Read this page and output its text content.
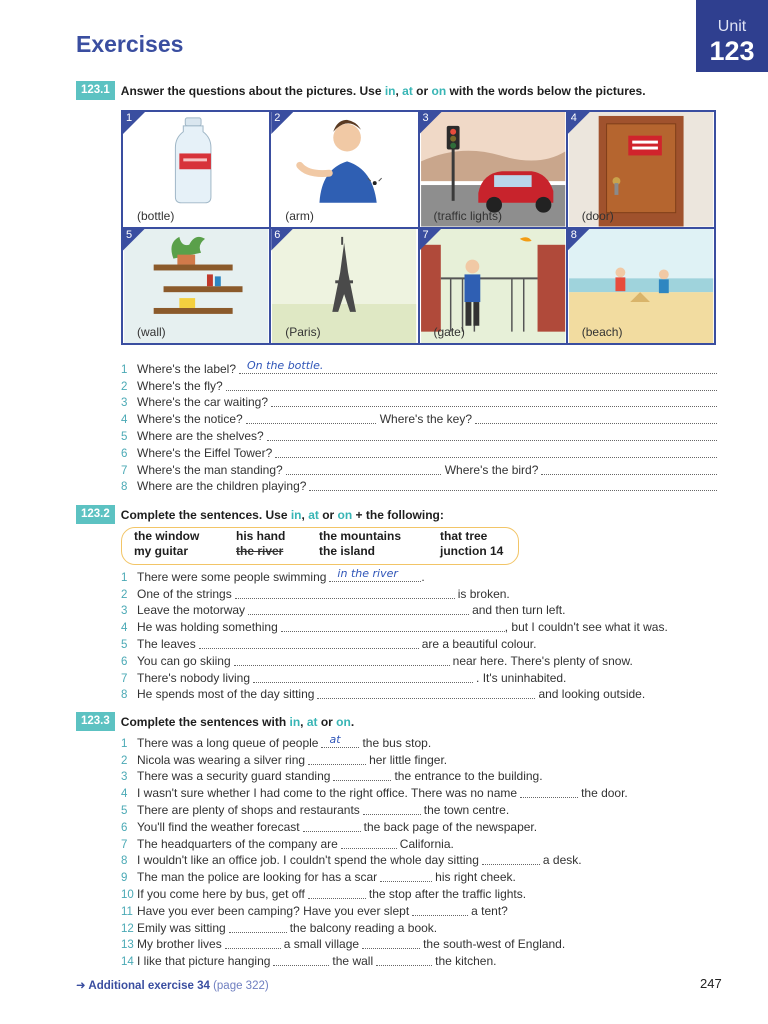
Unit
123
Exercises
123.1 Answer the questions about the pictures. Use in, at or on with the words below the pictures.
1
(bottle)
2
(arm)
3
(traffic lights)
4
(door)
5
(wall)
6
(Paris)
7
(gate)
8
(beach)
1 Where's the label? On the bottle.
2 Where's the fly?
3 Where's the car waiting?
4 Where's the notice?	Where's the key?
5 Where are the shelves?
6 Where's the Eiffel Tower?
7 Where's the man standing?	Where's the bird?
8 Where are the children playing?
123.2 Complete the sentences. Use in, at or on + the following:
the window	his hand	the mountains	that tree
my guitar	the river	the island	junction 14
1 There were some people swimming in the river .
2 One of the strings	is broken.
3 Leave the motorway	and then turn left.
4 He was holding something	, but I couldn't see what it was.
5 The leaves	are a beautiful colour.
6 You can go skiing	near here. There's plenty of snow.
7 There's nobody living	. It's uninhabited.
8 He spends most of the day sitting	and looking outside.
123.3 Complete the sentences with in, at or on.
1 There was a long queue of people at the bus stop.
2 Nicola was wearing a silver ring	her little finger.
3 There was a security guard standing	the entrance to the building.
4 I wasn't sure whether I had come to the right office. There was no name	the door.
5 There are plenty of shops and restaurants	the town centre.
6 You'll find the weather forecast	the back page of the newspaper.
7 The headquarters of the company are	California.
8 I wouldn't like an office job. I couldn't spend the whole day sitting	a desk.
9 The man the police are looking for has a scar	his right cheek.
10 If you come here by bus, get off	the stop after the traffic lights.
11 Have you ever been camping? Have you ever slept	a tent?
12 Emily was sitting	the balcony reading a book.
13 My brother lives	a small village	the south-west of England.
14 I like that picture hanging	the wall	the kitchen.
➜ Additional exercise 34 (page 322)	247
